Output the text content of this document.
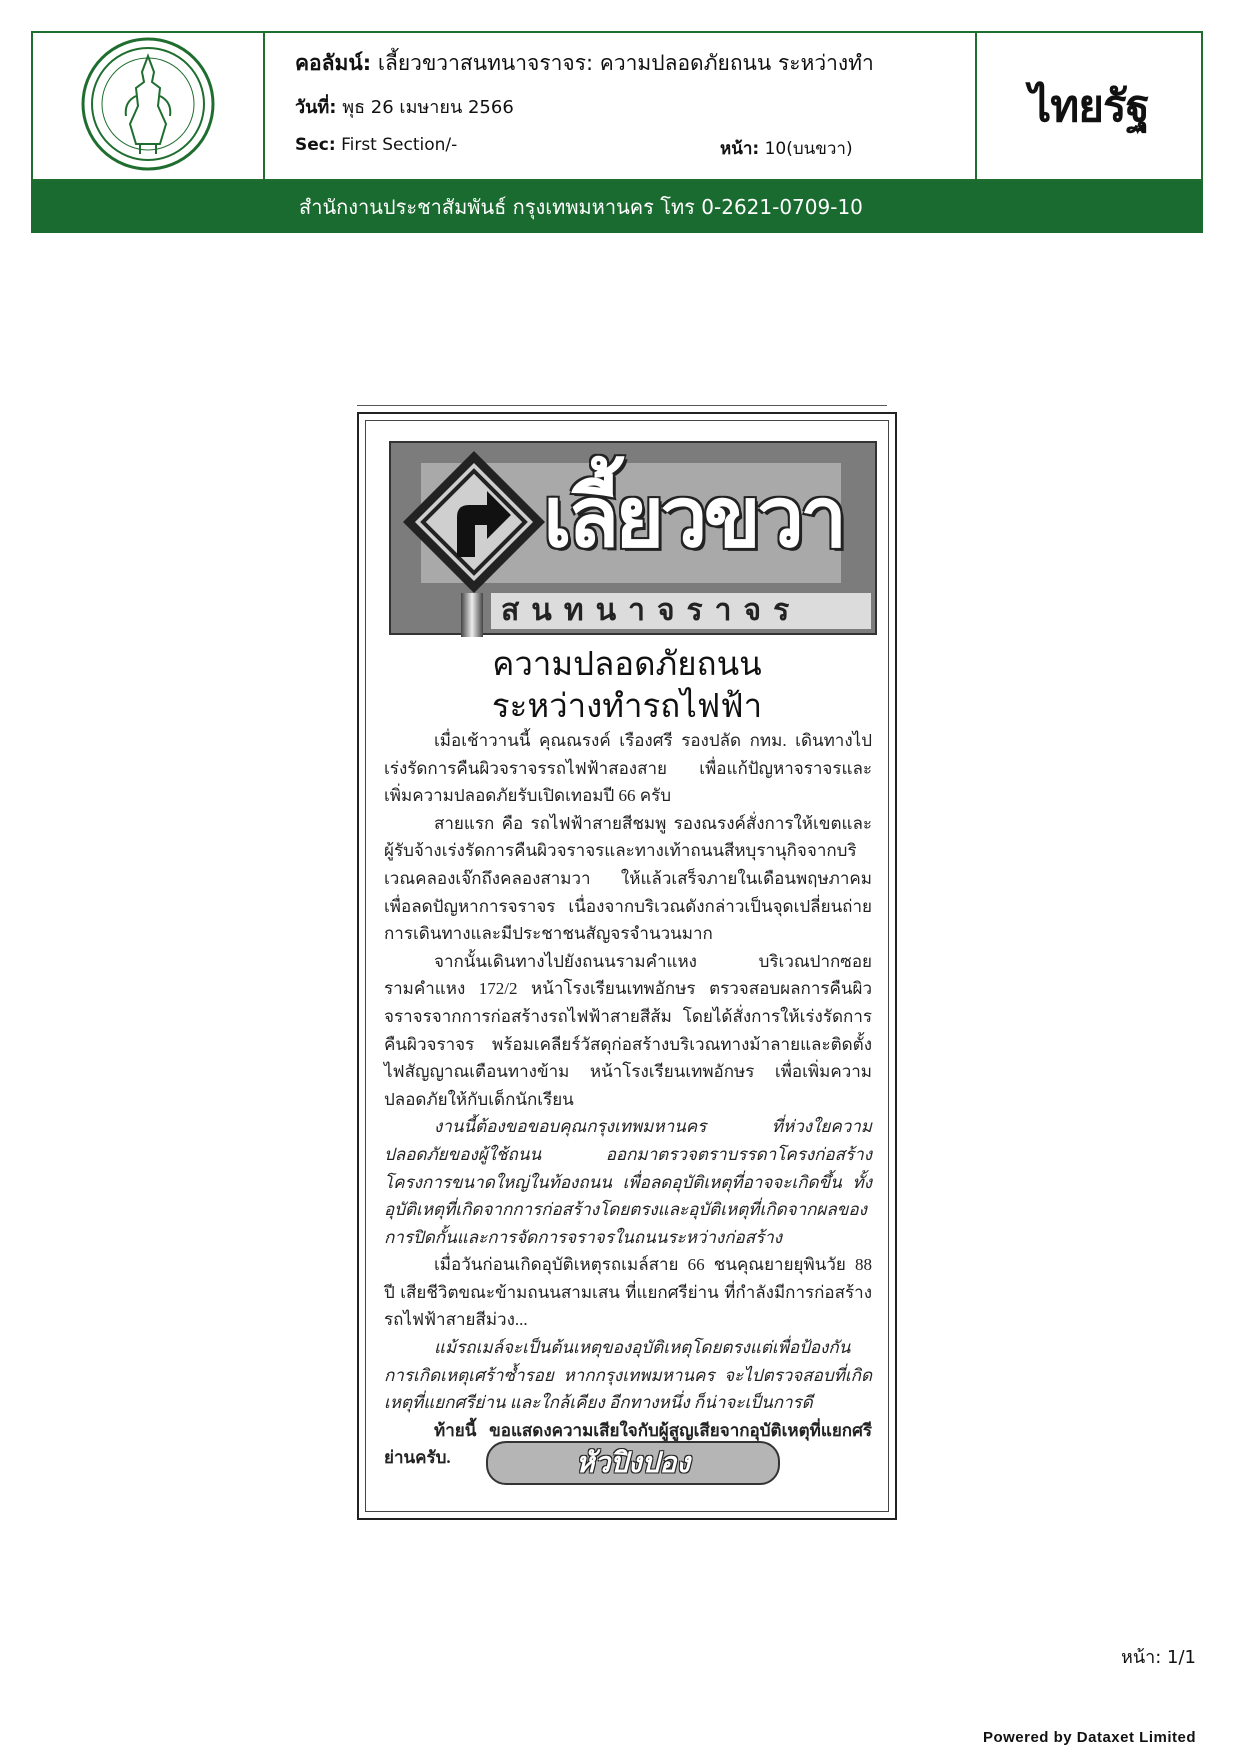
คอลัมน์: เลี้ยวขวาสนทนาจราจร: ความปลอดภัยถนน ระหว่างทำ
วันที่: พุธ 26 เมษายน 2566
Sec: First Section/-	หน้า: 10(บนขวา)
ไทยรัฐ
สำนักงานประชาสัมพันธ์ กรุงเทพมหานคร โทร 0-2621-0709-10
เลี้ยวขวา
สนทนาจราจร
ความปลอดภัยถนน
ระหว่างทำรถไฟฟ้า

เมื่อเช้าวานนี้ คุณณรงค์ เรืองศรี รองปลัด กทม. เดินทางไปเร่งรัดการคืนผิวจราจรรถไฟฟ้าสองสาย เพื่อแก้ปัญหาจราจรและเพิ่มความปลอดภัยรับเปิดเทอมปี 66 ครับ

สายแรก คือ รถไฟฟ้าสายสีชมพู รองณรงค์สั่งการให้เขตและผู้รับจ้างเร่งรัดการคืนผิวจราจรและทางเท้าถนนสีหบุรานุกิจจากบริเวณคลองเจ๊กถึงคลองสามวา ให้แล้วเสร็จภายในเดือนพฤษภาคม เพื่อลดปัญหาการจราจร เนื่องจากบริเวณดังกล่าวเป็นจุดเปลี่ยนถ่ายการเดินทางและมีประชาชนสัญจรจำนวนมาก

จากนั้นเดินทางไปยังถนนรามคำแหง บริเวณปากซอยรามคำแหง 172/2 หน้าโรงเรียนเทพอักษร ตรวจสอบผลการคืนผิวจราจรจากการก่อสร้างรถไฟฟ้าสายสีส้ม โดยได้สั่งการให้เร่งรัดการคืนผิวจราจร พร้อมเคลียร์วัสดุก่อสร้างบริเวณทางม้าลายและติดตั้งไฟสัญญาณเตือนทางข้าม หน้าโรงเรียนเทพอักษร เพื่อเพิ่มความปลอดภัยให้กับเด็กนักเรียน

งานนี้ต้องขอขอบคุณกรุงเทพมหานคร ที่ห่วงใยความปลอดภัยของผู้ใช้ถนน ออกมาตรวจตราบรรดาโครงก่อสร้างโครงการขนาดใหญ่ในท้องถนน เพื่อลดอุบัติเหตุที่อาจจะเกิดขึ้น ทั้งอุบัติเหตุที่เกิดจากการก่อสร้างโดยตรงและอุบัติเหตุที่เกิดจากผลของการปิดกั้นและการจัดการจราจรในถนนระหว่างก่อสร้าง

เมื่อวันก่อนเกิดอุบัติเหตุรถเมล์สาย 66 ชนคุณยายยุพินวัย 88 ปี เสียชีวิตขณะข้ามถนนสามเสน ที่แยกศรีย่าน ที่กำลังมีการก่อสร้างรถไฟฟ้าสายสีม่วง...

แม้รถเมล์จะเป็นต้นเหตุของอุบัติเหตุโดยตรงแต่เพื่อป้องกันการเกิดเหตุเศร้าซ้ำรอย หากกรุงเทพมหานคร จะไปตรวจสอบที่เกิดเหตุที่แยกศรีย่าน และใกล้เคียง อีกทางหนึ่ง ก็น่าจะเป็นการดี

ท้ายนี้ ขอแสดงความเสียใจกับผู้สูญเสียจากอุบัติเหตุที่แยกศรีย่านครับ.	หัวปิงปอง
หน้า: 1/1
Powered by Dataxet Limited
